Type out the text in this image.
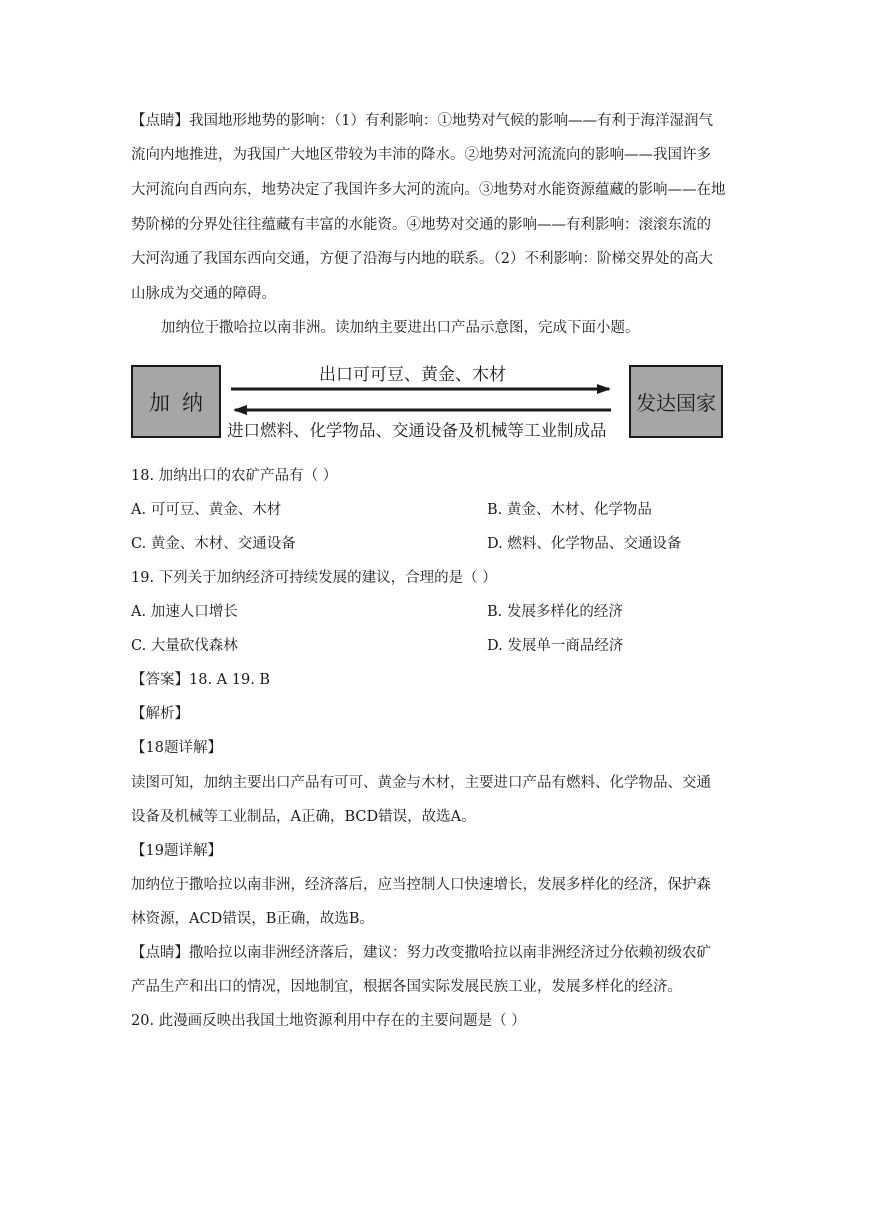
【点睛】我国地形地势的影响：（1）有利影响：①地势对气候的影响——有利于海洋湿润气
流向内地推进，为我国广大地区带较为丰沛的降水。②地势对河流流向的影响——我国许多
大河流向自西向东，地势决定了我国许多大河的流向。③地势对水能资源蕴藏的影响——在地
势阶梯的分界处往往蕴藏有丰富的水能资。④地势对交通的影响——有利影响：滚滚东流的
大河沟通了我国东西向交通，方便了沿海与内地的联系。（2）不利影响：阶梯交界处的高大
山脉成为交通的障碍。
加纳位于撒哈拉以南非洲。读加纳主要进出口产品示意图，完成下面小题。
加纳	发达国家
出口可可豆、黄金、木材
进口燃料、化学物品、交通设备及机械等工业制成品
18. 加纳出口的农矿产品有（ ）
A. 可可豆、黄金、木材	B. 黄金、木材、化学物品
C. 黄金、木材、交通设备	D. 燃料、化学物品、交通设备
19. 下列关于加纳经济可持续发展的建议，合理的是（ ）
A. 加速人口增长	B. 发展多样化的经济
C. 大量砍伐森林	D. 发展单一商品经济
【答案】18. A 19. B
【解析】
【18题详解】
读图可知，加纳主要出口产品有可可、黄金与木材，主要进口产品有燃料、化学物品、交通
设备及机械等工业制品，A正确，BCD错误，故选A。
【19题详解】
加纳位于撒哈拉以南非洲，经济落后，应当控制人口快速增长，发展多样化的经济，保护森
林资源，ACD错误，B正确，故选B。
【点睛】撒哈拉以南非洲经济落后，建议：努力改变撒哈拉以南非洲经济过分依赖初级农矿
产品生产和出口的情况，因地制宜，根据各国实际发展民族工业，发展多样化的经济。
20. 此漫画反映出我国土地资源利用中存在的主要问题是（ ）
